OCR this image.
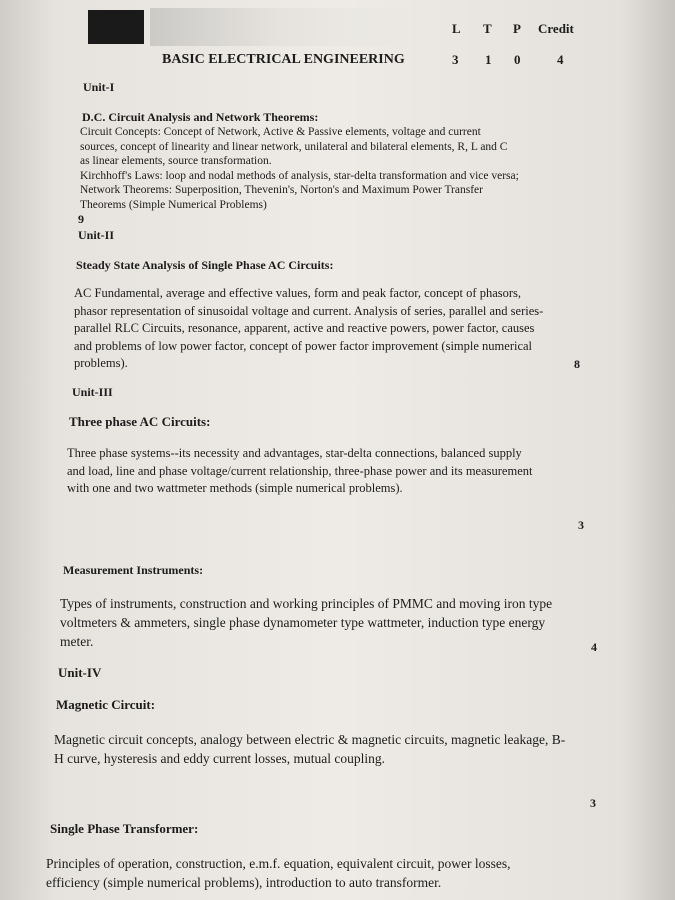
L T P Credit
BASIC ELECTRICAL ENGINEERING	3 1 0	4
Unit-I
D.C. Circuit Analysis and Network Theorems:
Circuit Concepts: Concept of Network, Active & Passive elements, voltage and current
sources, concept of linearity and linear network, unilateral and bilateral elements, R, L and C
as linear elements, source transformation.
Kirchhoff's Laws: loop and nodal methods of analysis, star-delta transformation and vice versa;
Network Theorems: Superposition, Thevenin's, Norton's and Maximum Power Transfer
Theorems (Simple Numerical Problems)
9
Unit-II
Steady State Analysis of Single Phase AC Circuits:
AC Fundamental, average and effective values, form and peak factor, concept of phasors,
phasor representation of sinusoidal voltage and current. Analysis of series, parallel and series-
parallel RLC Circuits, resonance, apparent, active and reactive powers, power factor, causes
and problems of low power factor, concept of power factor improvement (simple numerical
problems).	8
Unit-III
Three phase AC Circuits:
Three phase systems--its necessity and advantages, star-delta connections, balanced supply
and load, line and phase voltage/current relationship, three-phase power and its measurement
with one and two wattmeter methods (simple numerical problems).
3
Measurement Instruments:
Types of instruments, construction and working principles of PMMC and moving iron type
voltmeters & ammeters, single phase dynamometer type wattmeter, induction type energy
meter.	4
Unit-IV
Magnetic Circuit:
Magnetic circuit concepts, analogy between electric & magnetic circuits, magnetic leakage, B-
H curve, hysteresis and eddy current losses, mutual coupling.
3
Single Phase Transformer:
Principles of operation, construction, e.m.f. equation, equivalent circuit, power losses,
efficiency (simple numerical problems), introduction to auto transformer.
